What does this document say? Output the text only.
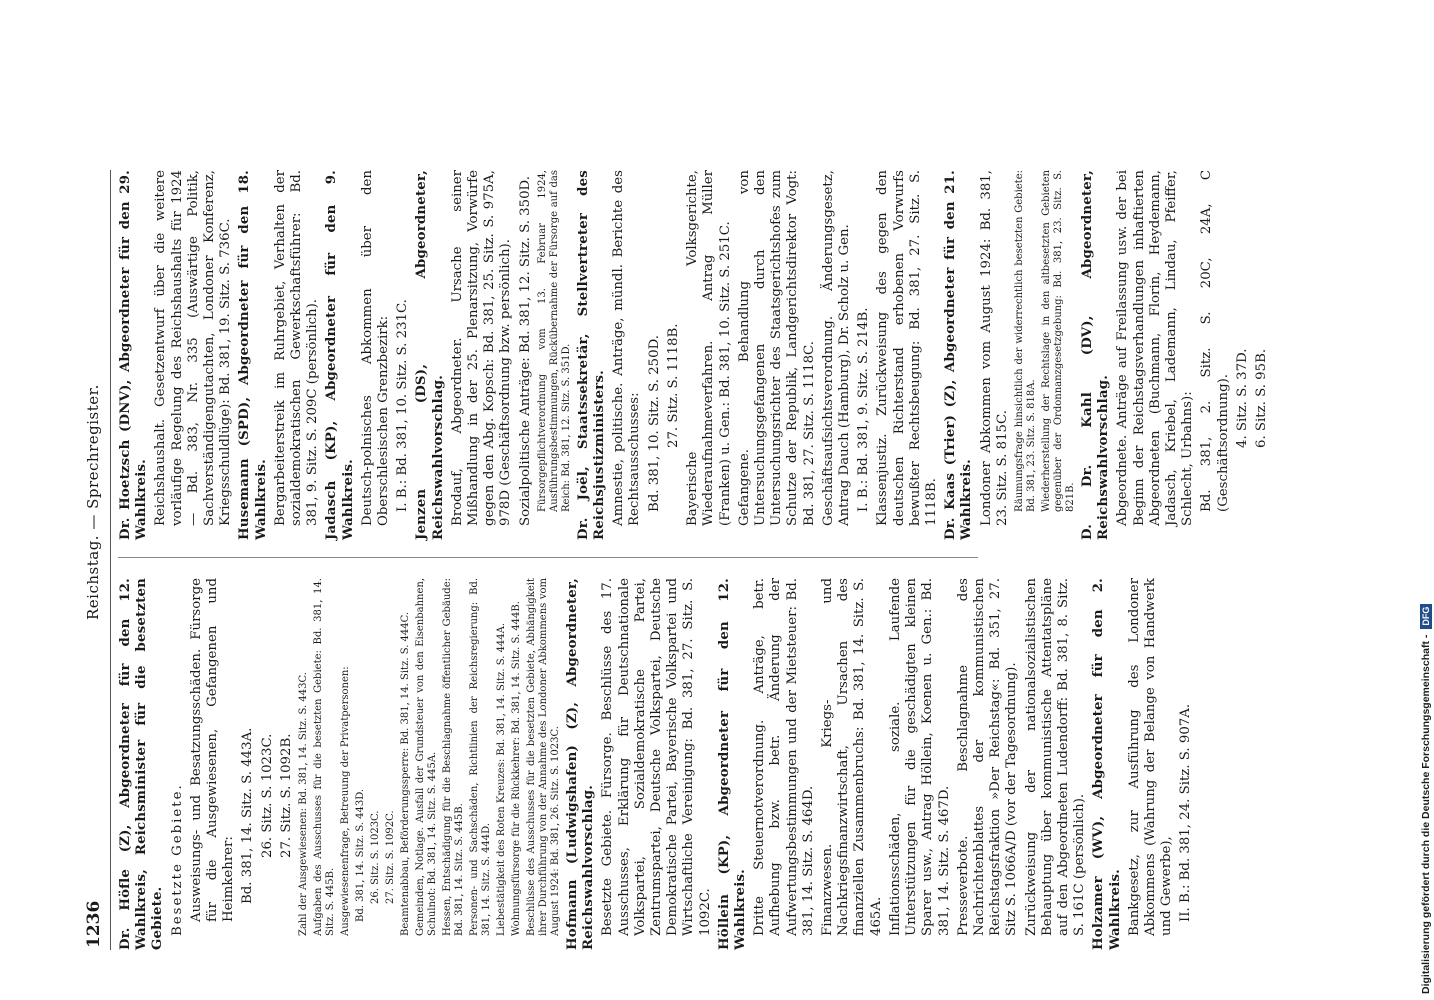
1236
Reichstag. — Sprechregister.

Dr. Höfle (Z), Abgeordneter für den 12. Wahlkreis, Reichsminister für die besetzten Gebiete. Besetzte Gebiete. Ausweisungs- und Besatzungsschäden. Fürsorge für die Ausgewiesenen, Gefangenen und Heimkehrer: Bd. 381, 14. Sitz. S. 443A. 26. Sitz. S. 1023C. 27. Sitz. S. 1092B. Zahl der Ausgewiesenen: Bd. 381, 14. Sitz. S. 443C. Aufgaben des Ausschusses für die besetzten Gebiete: Bd. 381, 14. Sitz. S. 445B. Ausgewiesenenfrage, Betreuung der Privatpersonen: Bd. 381, 14. Sitz. S. 443D. 26. Sitz. S. 1023C. 27. Sitz. S. 1092C. Beamtenabbau, Beförderungssperre: Bd. 381, 14. Sitz. S. 444C. Gemeinden, Notlage. Ausfall der Grundsteuer von den Eisenbahnen, Schulnot: Bd. 381, 14. Sitz. S. 445A. Hessen, Entschädigung für die Beschlagnahme öffentlicher Gebäude: Bd. 381, 14. Sitz. S. 445B. Personen- und Sachschäden, Richtlinien der Reichsregierung: Bd. 381, 14. Sitz. S. 444D. Liebestätigkeit des Roten Kreuzes: Bd. 381, 14. Sitz. S. 444A. Wohnungsfürsorge für die Rückkehrer: Bd. 381, 14. Sitz. S. 444B. Beschlüsse des Ausschusses für die besetzten Gebiete, Abhängigkeit ihrer Durchführung von der Annahme des Londoner Abkommens vom August 1924: Bd. 381, 26. Sitz. S. 1023C. Hofmann (Ludwigshafen) (Z), Abgeordneter, Reichswahlvorschlag. Besetzte Gebiete. Fürsorge. Beschlüsse des 17. Ausschusses, Erklärung für Deutschnationale Volkspartei, Sozialdemokratische Partei, Zentrumspartei, Deutsche Volkspartei, Deutsche Demokratische Partei, Bayerische Volkspartei und Wirtschaftliche Vereinigung: Bd. 381, 27. Sitz. S. 1092C. Höllein (KP), Abgeordneter für den 12. Wahlkreis. Dritte Steuernotverordnung. Anträge, betr. Aufhebung bzw. betr. Änderung der Aufwertungsbestimmungen und der Mietsteuer: Bd. 381, 14. Sitz. S. 464D. Finanzwesen. Kriegs- und Nachkriegsfinanzwirtschaft, Ursachen des finanziellen Zusammenbruchs: Bd. 381, 14. Sitz. S. 465A. Inflationsschäden, soziale. Laufende Unterstützungen für die geschädigten kleinen Sparer usw., Antrag Höllein, Koenen u. Gen.: Bd. 381, 14. Sitz. S. 467D. Presseverbote. Beschlagnahme des Nachrichtenblattes der kommunistischen Reichstagsfraktion »Der Reichstag«: Bd. 351, 27. Sitz S. 1066A/D (vor der Tagesordnung). Zurückweisung der nationalsozialistischen Behauptung über kommunistische Attentatspläne auf den Abgeordneten Ludendorff: Bd. 381, 8. Sitz. S. 161C (persönlich). Holzamer (WV), Abgeordneter für den 2. Wahlkreis. Bankgesetz, zur Ausführung des Londoner Abkommens (Wahrung der Belange von Handwerk und Gewerbe), II. B.: Bd. 381, 24. Sitz. S. 907A.

Dr. Hoetzsch (DNV), Abgeordneter für den 29. Wahlkreis. Reichshaushalt. Gesetzentwurf über die weitere vorläufige Regelung des Reichshaushalts für 1924 — Bd. 383, Nr. 335 (Auswärtige Politik, Sachverständigengutachten, Londoner Konferenz, Kriegsschuldlüge): Bd. 381, 19. Sitz. S. 736C. Husemann (SPD), Abgeordneter für den 18. Wahlkreis. Bergarbeiterstreik im Ruhrgebiet, Verhalten der sozialdemokratischen Gewerkschaftsführer: Bd. 381, 9. Sitz. S. 209C (persönlich). Jadasch (KP), Abgeordneter für den 9. Wahlkreis. Deutsch-polnisches Abkommen über den Oberschlesischen Grenzbezirk: I. B.: Bd. 381, 10. Sitz. S. 231C. Jenzen (DS), Abgeordneter, Reichswahlvorschlag. Brodauf, Abgeordneter. Ursache seiner Mißhandlung in der 25. Plenarsitzung, Vorwürfe gegen den Abg. Kopsch: Bd. 381, 25. Sitz. S. 975A, 978D (Geschäftsordnung bzw. persönlich). Sozialpolitische Anträge: Bd. 381, 12. Sitz. S. 350D. Fürsorgepflichtverordnung vom 13. Februar 1924, Ausführungsbestimmungen, Rückübernahme der Fürsorge auf das Reich: Bd. 381, 12. Sitz. S. 351D. Dr. Joël, Staatssekretär, Stellvertreter des Reichsjustizministers. Amnestie, politische. Anträge, mündl. Berichte des Rechtsausschusses: Bd. 381, 10. Sitz. S. 250D. 27. Sitz. S. 1118B. Bayerische Volksgerichte, Wiederaufnahmeverfahren. Antrag Müller (Franken) u. Gen.: Bd. 381, 10. Sitz. S. 251C. Gefangene. Behandlung von Untersuchungsgefangenen durch den Untersuchungsrichter des Staatsgerichtshofes zum Schutze der Republik, Landgerichtsdirektor Vogt: Bd. 381, 27. Sitz. S. 1118C. Geschäftsaufsichtsverordnung. Änderungsgesetz, Antrag Dauch (Hamburg), Dr. Scholz u. Gen. I. B.: Bd. 381, 9. Sitz. S. 214B. Klassenjustiz. Zurückweisung des gegen den deutschen Richterstand erhobenen Vorwurfs bewußter Rechtsbeugung: Bd. 381, 27. Sitz. S. 1118B. Dr. Kaas (Trier) (Z), Abgeordneter für den 21. Wahlkreis. Londoner Abkommen vom August 1924: Bd. 381, 23. Sitz. S. 815C. Räumungsfrage hinsichtlich der widerrechtlich besetzten Gebiete: Bd. 381, 23. Sitz. S. 818A. Wiederherstellung der Rechtslage in den altbesetzten Gebieten gegenüber der Ordonnanzgesetzgebung: Bd. 381, 23. Sitz. S. 821B. D. Dr. Kahl (DV), Abgeordneter, Reichswahlvorschlag. Abgeordnete. Anträge auf Freilassung usw. der bei Beginn der Reichstagsverhandlungen inhaftierten Abgeordneten (Buchmann, Florin, Heydemann, Jadasch, Kriebel, Lademann, Lindau, Pfeiffer, Schlecht, Urbahns): Bd. 381, 2. Sitz. S. 20C, 24A, C (Geschäftsordnung). 4. Sitz. S. 37D. 6. Sitz. S. 95B.

Digitalisierung gefördert durch die Deutsche Forschungsgemeinschaft -DFG
